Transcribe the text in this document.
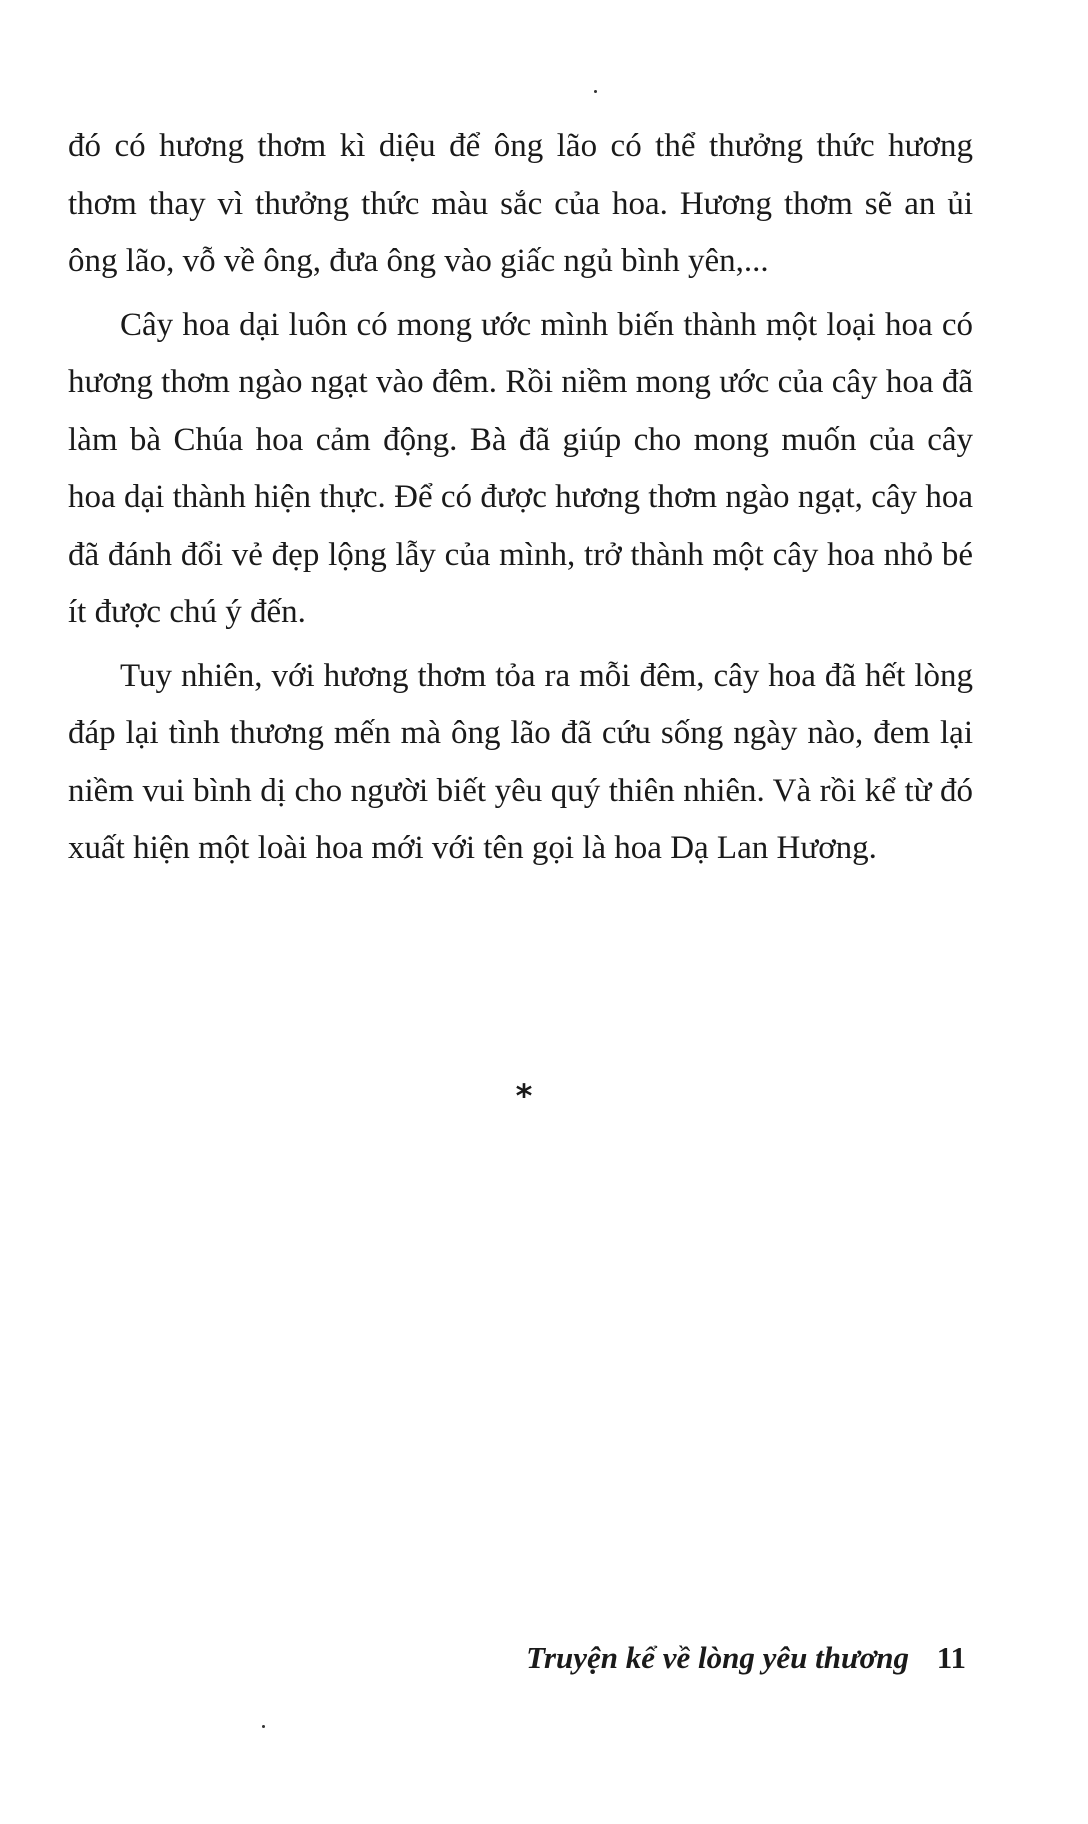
đó có hương thơm kì diệu để ông lão có thể thưởng thức hương thơm thay vì thưởng thức màu sắc của hoa. Hương thơm sẽ an ủi ông lão, vỗ về ông, đưa ông vào giấc ngủ bình yên,...

Cây hoa dại luôn có mong ước mình biến thành một loại hoa có hương thơm ngào ngạt vào đêm. Rồi niềm mong ước của cây hoa đã làm bà Chúa hoa cảm động. Bà đã giúp cho mong muốn của cây hoa dại thành hiện thực. Để có được hương thơm ngào ngạt, cây hoa đã đánh đổi vẻ đẹp lộng lẫy của mình, trở thành một cây hoa nhỏ bé ít được chú ý đến.

Tuy nhiên, với hương thơm tỏa ra mỗi đêm, cây hoa đã hết lòng đáp lại tình thương mến mà ông lão đã cứu sống ngày nào, đem lại niềm vui bình dị cho người biết yêu quý thiên nhiên. Và rồi kể từ đó xuất hiện một loài hoa mới với tên gọi là hoa Dạ Lan Hương.

*
Truyện kể về lòng yêu thương 11
